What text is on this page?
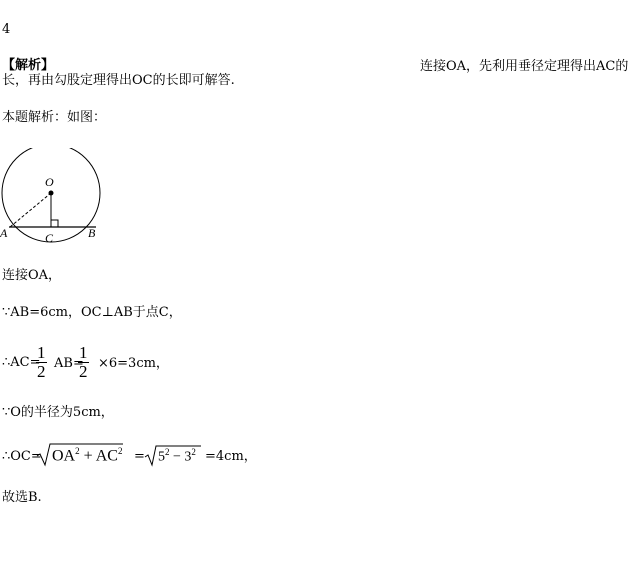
4
【解析】	连接OA，先利用垂径定理得出AC的
长，再由勾股定理得出OC的长即可解答.
本题解析：如图：
O
A	C	B
连接OA，
∵AB=6cm，OC⊥AB于点C，
∴AC=
1
2 AB=
1
2 ×6=3cm，
∵O的半径为5cm，
∴OC= $OA^2 + AC^2 = 5^2 - 3^2 =4cm$，
故选B.
